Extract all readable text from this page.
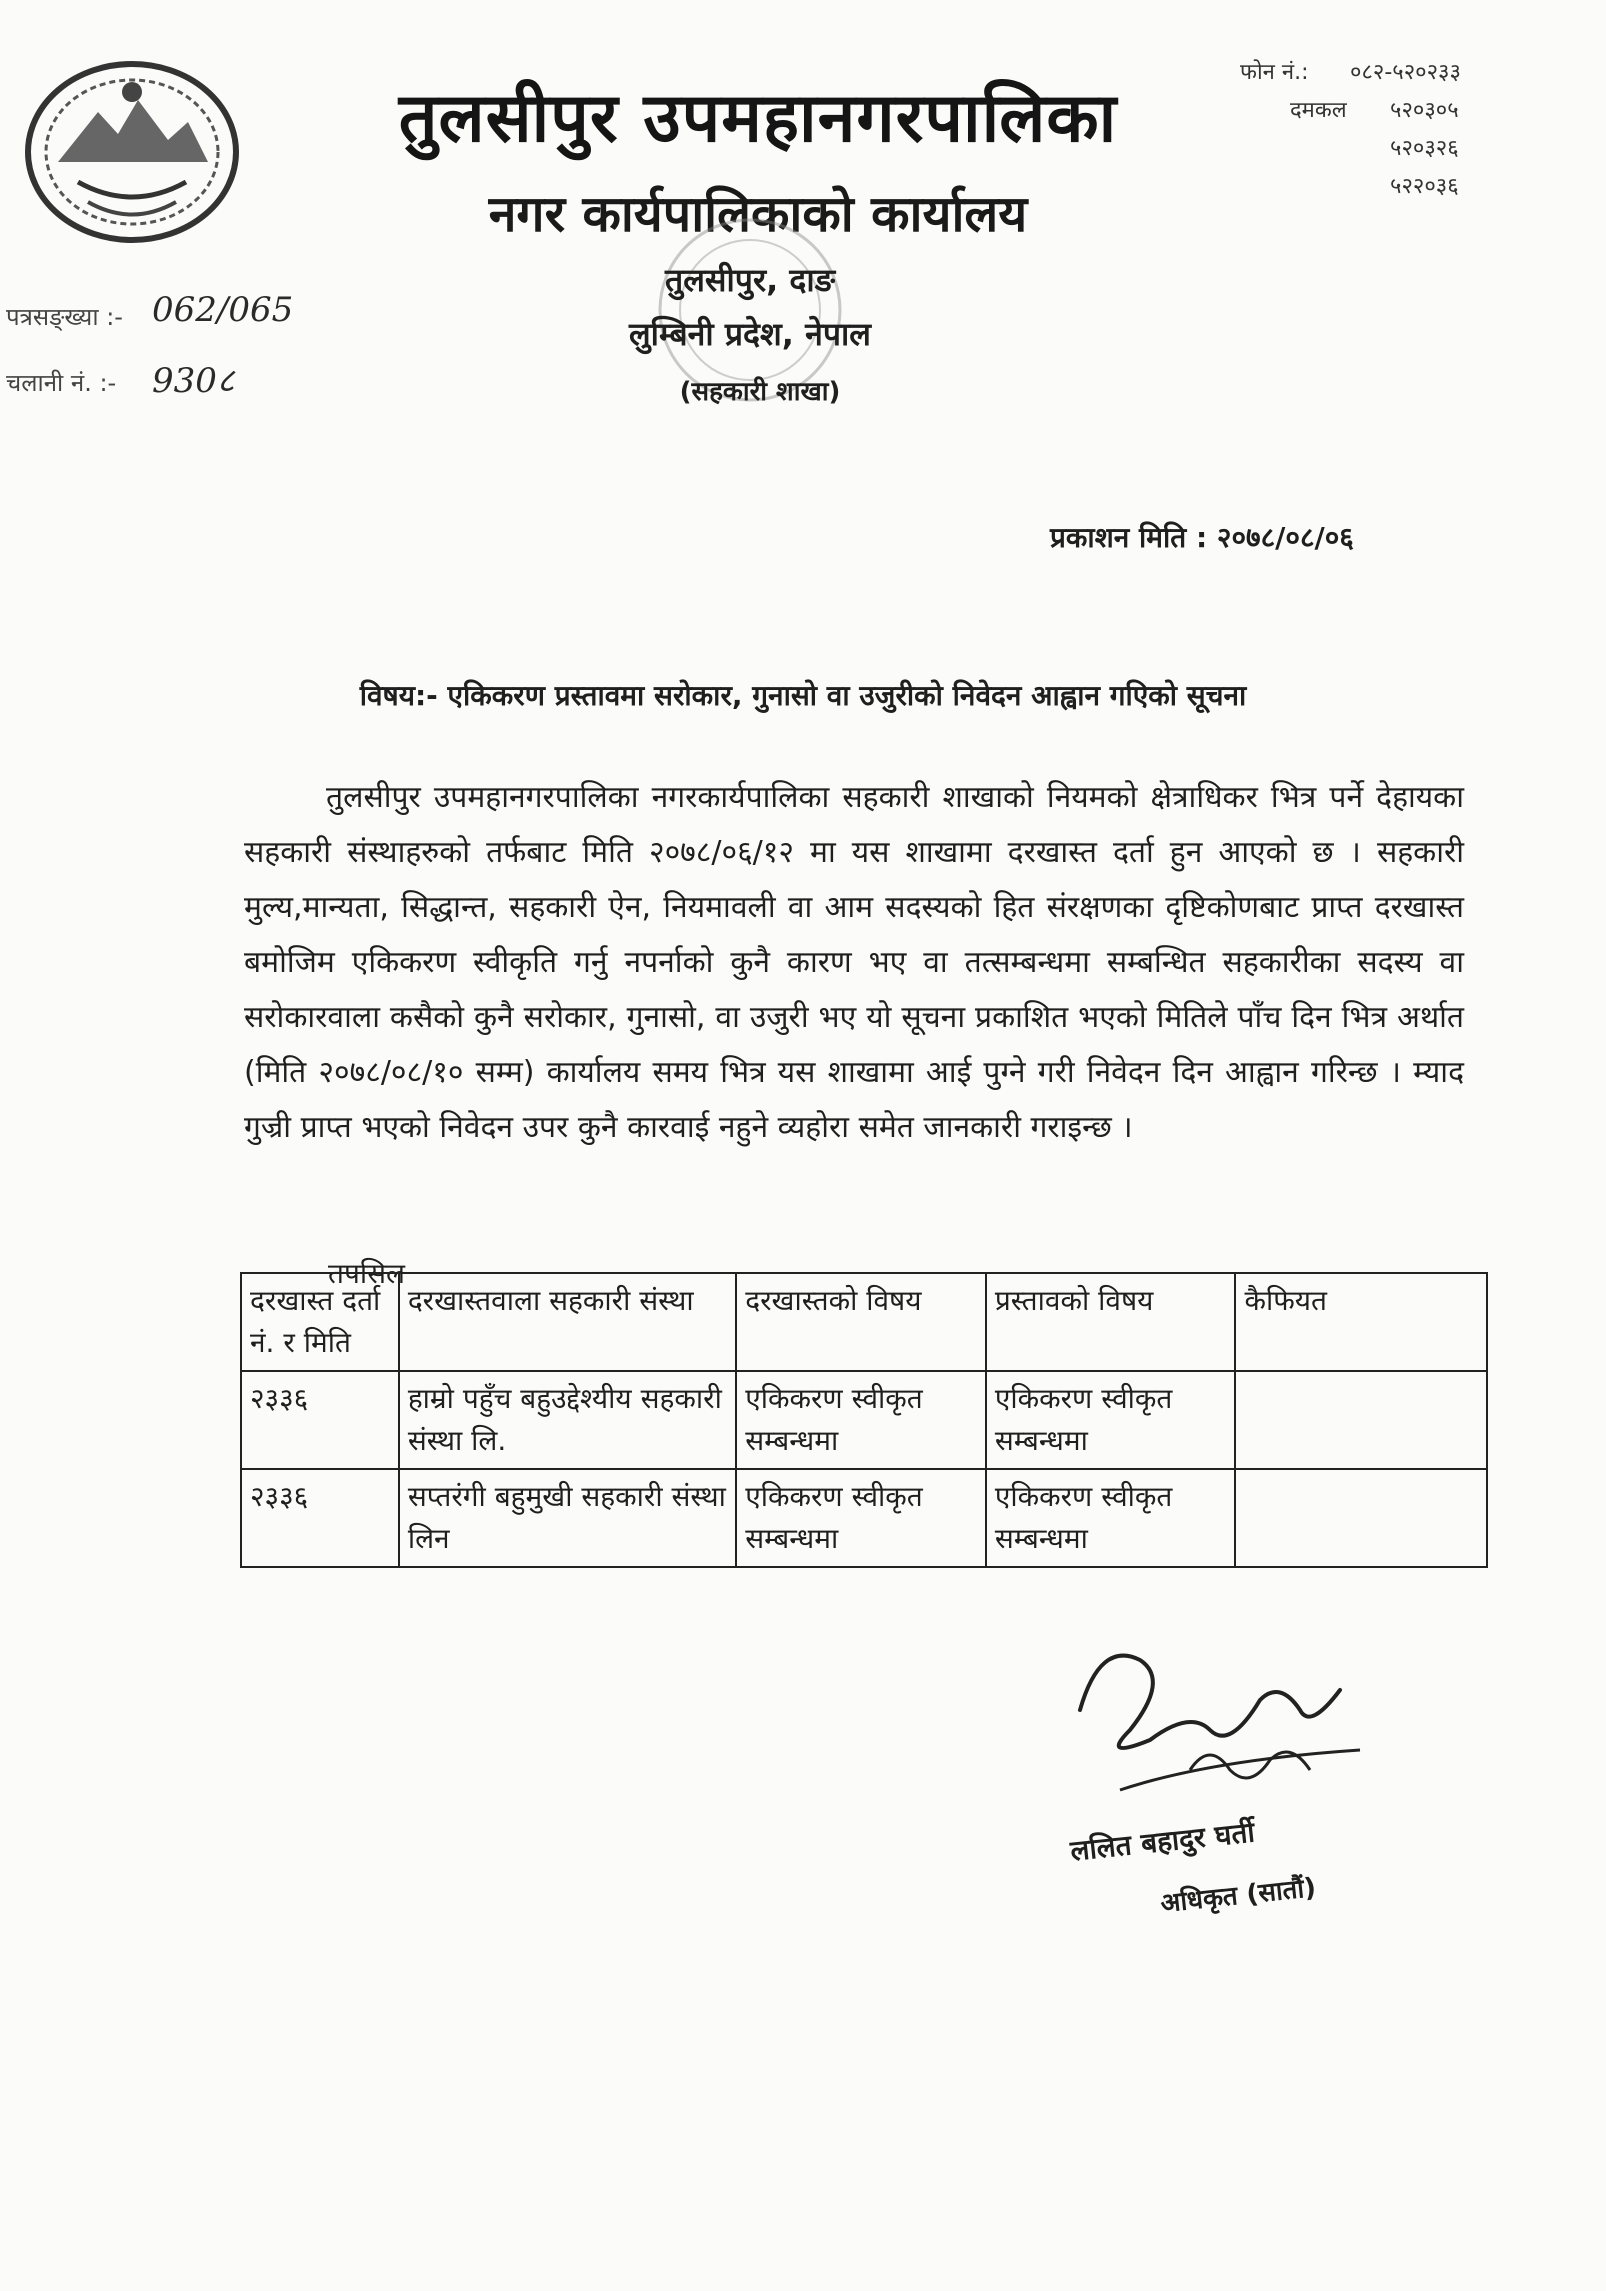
तुलसीपुर उपमहानगरपालिका
नगर कार्यपालिकाको कार्यालय
तुलसीपुर, दाङ
लुम्बिनी प्रदेश, नेपाल
(सहकारी शाखा)
फोन नं.: ०८२-५२०२३३
दमकल ५२०३०५
५२०३२६
५२२०३६
पत्रसङ्ख्या :- 062/065
चलानी नं. :- 930८
प्रकाशन मिति : २०७८/०८/०६
विषय:- एकिकरण प्रस्तावमा सरोकार, गुनासो वा उजुरीको निवेदन आह्वान गएिको सूचना
तुलसीपुर उपमहानगरपालिका नगरकार्यपालिका सहकारी शाखाको नियमको क्षेत्राधिकर भित्र पर्ने देहायका सहकारी संस्थाहरुको तर्फबाट मिति २०७८/०६/१२ मा यस शाखामा दरखास्त दर्ता हुन आएको छ । सहकारी मुल्य,मान्यता, सिद्धान्त, सहकारी ऐन, नियमावली वा आम सदस्यको हित संरक्षणका दृष्टिकोणबाट प्राप्त दरखास्त बमोजिम एकिकरण स्वीकृति गर्नु नपर्नाको कुनै कारण भए वा तत्सम्बन्धमा सम्बन्धित सहकारीका सदस्य वा सरोकारवाला कसैको कुनै सरोकार, गुनासो, वा उजुरी भए यो सूचना प्रकाशित भएको मितिले पाँच दिन भित्र अर्थात (मिति २०७८/०८/१० सम्म) कार्यालय समय भित्र यस शाखामा आई पुग्ने गरी निवेदन दिन आह्वान गरिन्छ । म्याद गुज्री प्राप्त भएको निवेदन उपर कुनै कारवाई नहुने व्यहोरा समेत जानकारी गराइन्छ ।
तपसिल
दरखास्त दर्ता नं. र मिति	दरखास्तवाला सहकारी संस्था	दरखास्तको विषय	प्रस्तावको विषय	कैफियत
२३३६	हाम्रो पहुँच बहुउद्देश्यीय सहकारी संस्था लि.	एकिकरण स्वीकृत सम्बन्धमा	एकिकरण स्वीकृत सम्बन्धमा	
२३३६	सप्तरंगी बहुमुखी सहकारी संस्था लिन	एकिकरण स्वीकृत सम्बन्धमा	एकिकरण स्वीकृत सम्बन्धमा	
ललित बहादुर घर्ती
अधिकृत (सातौं)
